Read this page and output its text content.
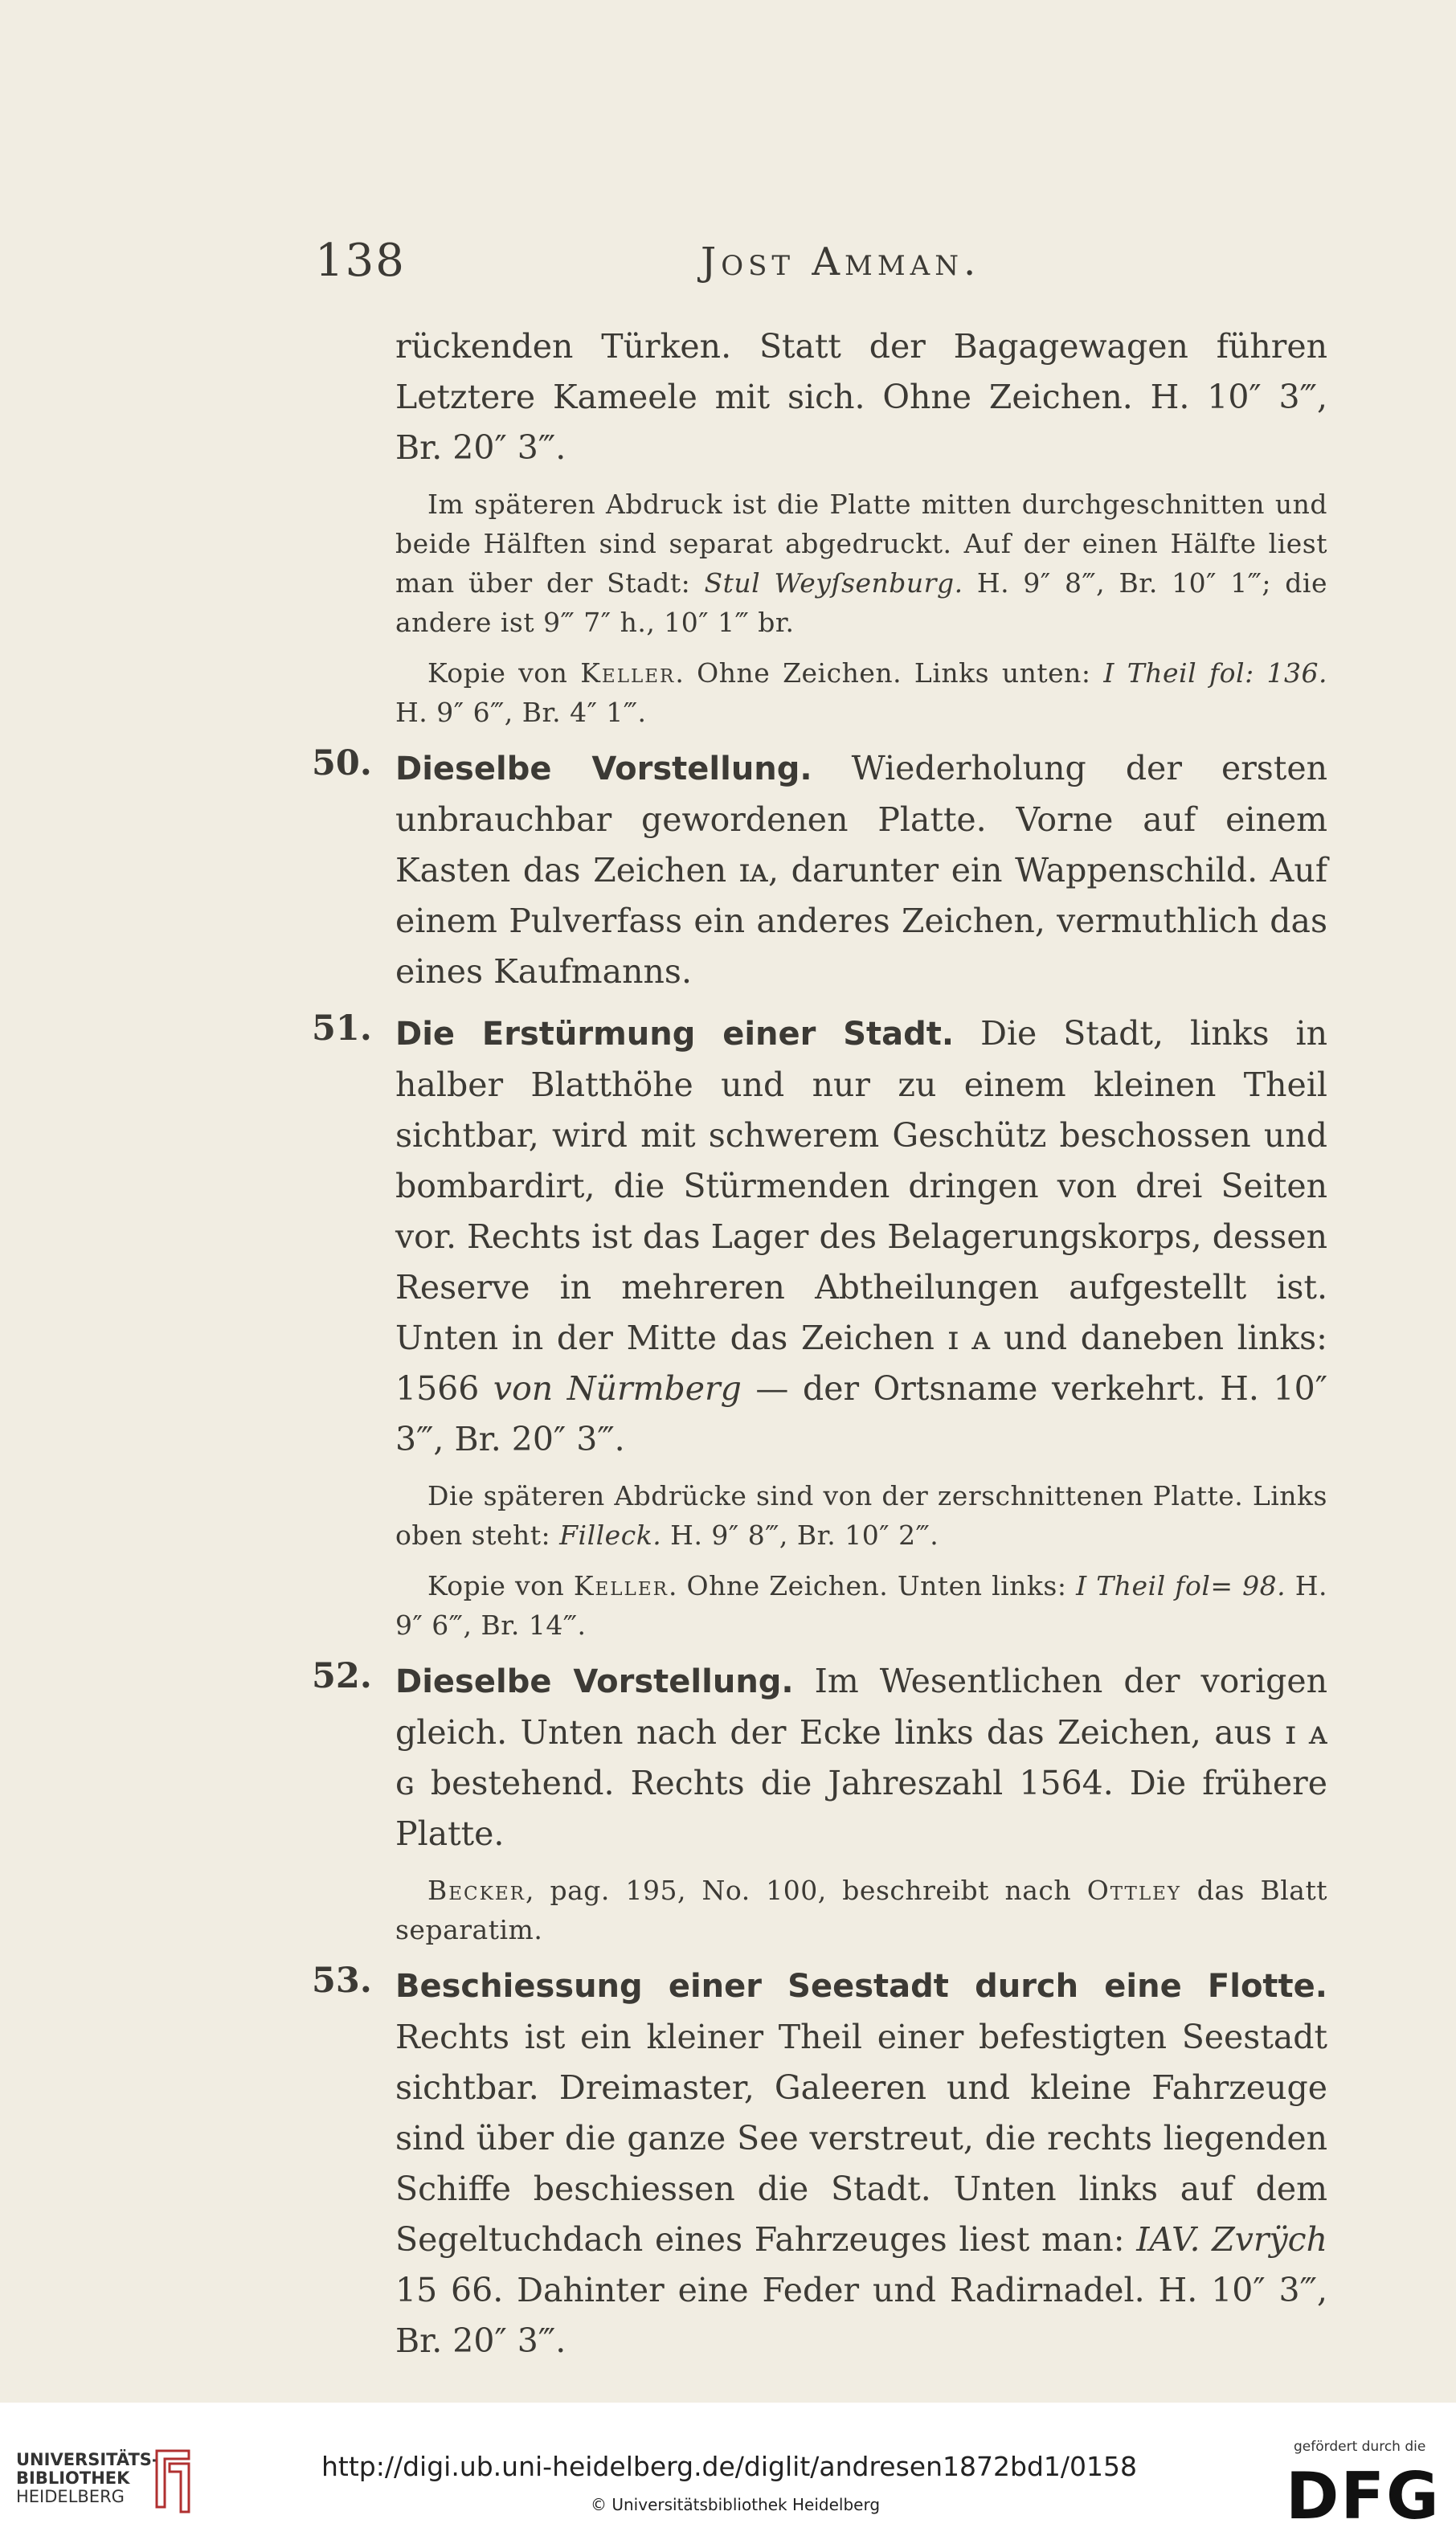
138	Jost Amman.

rückenden Türken. Statt der Bagagewagen führen Letztere Kameele mit sich. Ohne Zeichen. H. 10″ 3‴, Br. 20″ 3‴.

Im späteren Abdruck ist die Platte mitten durchgeschnitten und beide Hälften sind separat abgedruckt. Auf der einen Hälfte liest man über der Stadt: Stul Weyſsenburg. H. 9″ 8‴, Br. 10″ 1‴; die andere ist 9‴ 7″ h., 10″ 1‴ br.

Kopie von Keller. Ohne Zeichen. Links unten: I Theil fol: 136. H. 9″ 6‴, Br. 4″ 1‴.

50. Dieselbe Vorstellung. Wiederholung der ersten unbrauchbar gewordenen Platte. Vorne auf einem Kasten das Zeichen ɪᴀ, darunter ein Wappenschild. Auf einem Pulverfass ein anderes Zeichen, vermuthlich das eines Kaufmanns.

51. Die Erstürmung einer Stadt. Die Stadt, links in halber Blatthöhe und nur zu einem kleinen Theil sichtbar, wird mit schwerem Geschütz beschossen und bombardirt, die Stürmenden dringen von drei Seiten vor. Rechts ist das Lager des Belagerungskorps, dessen Reserve in mehreren Abtheilungen aufgestellt ist. Unten in der Mitte das Zeichen ɪ ᴀ und daneben links: 1566 von Nürmberg — der Ortsname verkehrt. H. 10″ 3‴, Br. 20″ 3‴.

Die späteren Abdrücke sind von der zerschnittenen Platte. Links oben steht: Filleck. H. 9″ 8‴, Br. 10″ 2‴.

Kopie von Keller. Ohne Zeichen. Unten links: I Theil fol= 98. H. 9″ 6‴, Br. 14‴.

52. Dieselbe Vorstellung. Im Wesentlichen der vorigen gleich. Unten nach der Ecke links das Zeichen, aus ɪ ᴀ ɢ bestehend. Rechts die Jahreszahl 1564. Die frühere Platte.

Becker, pag. 195, No. 100, beschreibt nach Ottley das Blatt separatim.

53. Beschiessung einer Seestadt durch eine Flotte. Rechts ist ein kleiner Theil einer befestigten Seestadt sichtbar. Dreimaster, Galeeren und kleine Fahrzeuge sind über die ganze See verstreut, die rechts liegenden Schiffe beschiessen die Stadt. Unten links auf dem Segeltuchdach eines Fahrzeuges liest man: IAV. Zvrÿch 15 66. Dahinter eine Feder und Radirnadel. H. 10″ 3‴, Br. 20″ 3‴.

UNIVERSITÄTS-
BIBLIOTHEK
HEIDELBERG
http://digi.ub.uni-heidelberg.de/diglit/andresen1872bd1/0158
© Universitätsbibliothek Heidelberg
gefördert durch die
DFG
